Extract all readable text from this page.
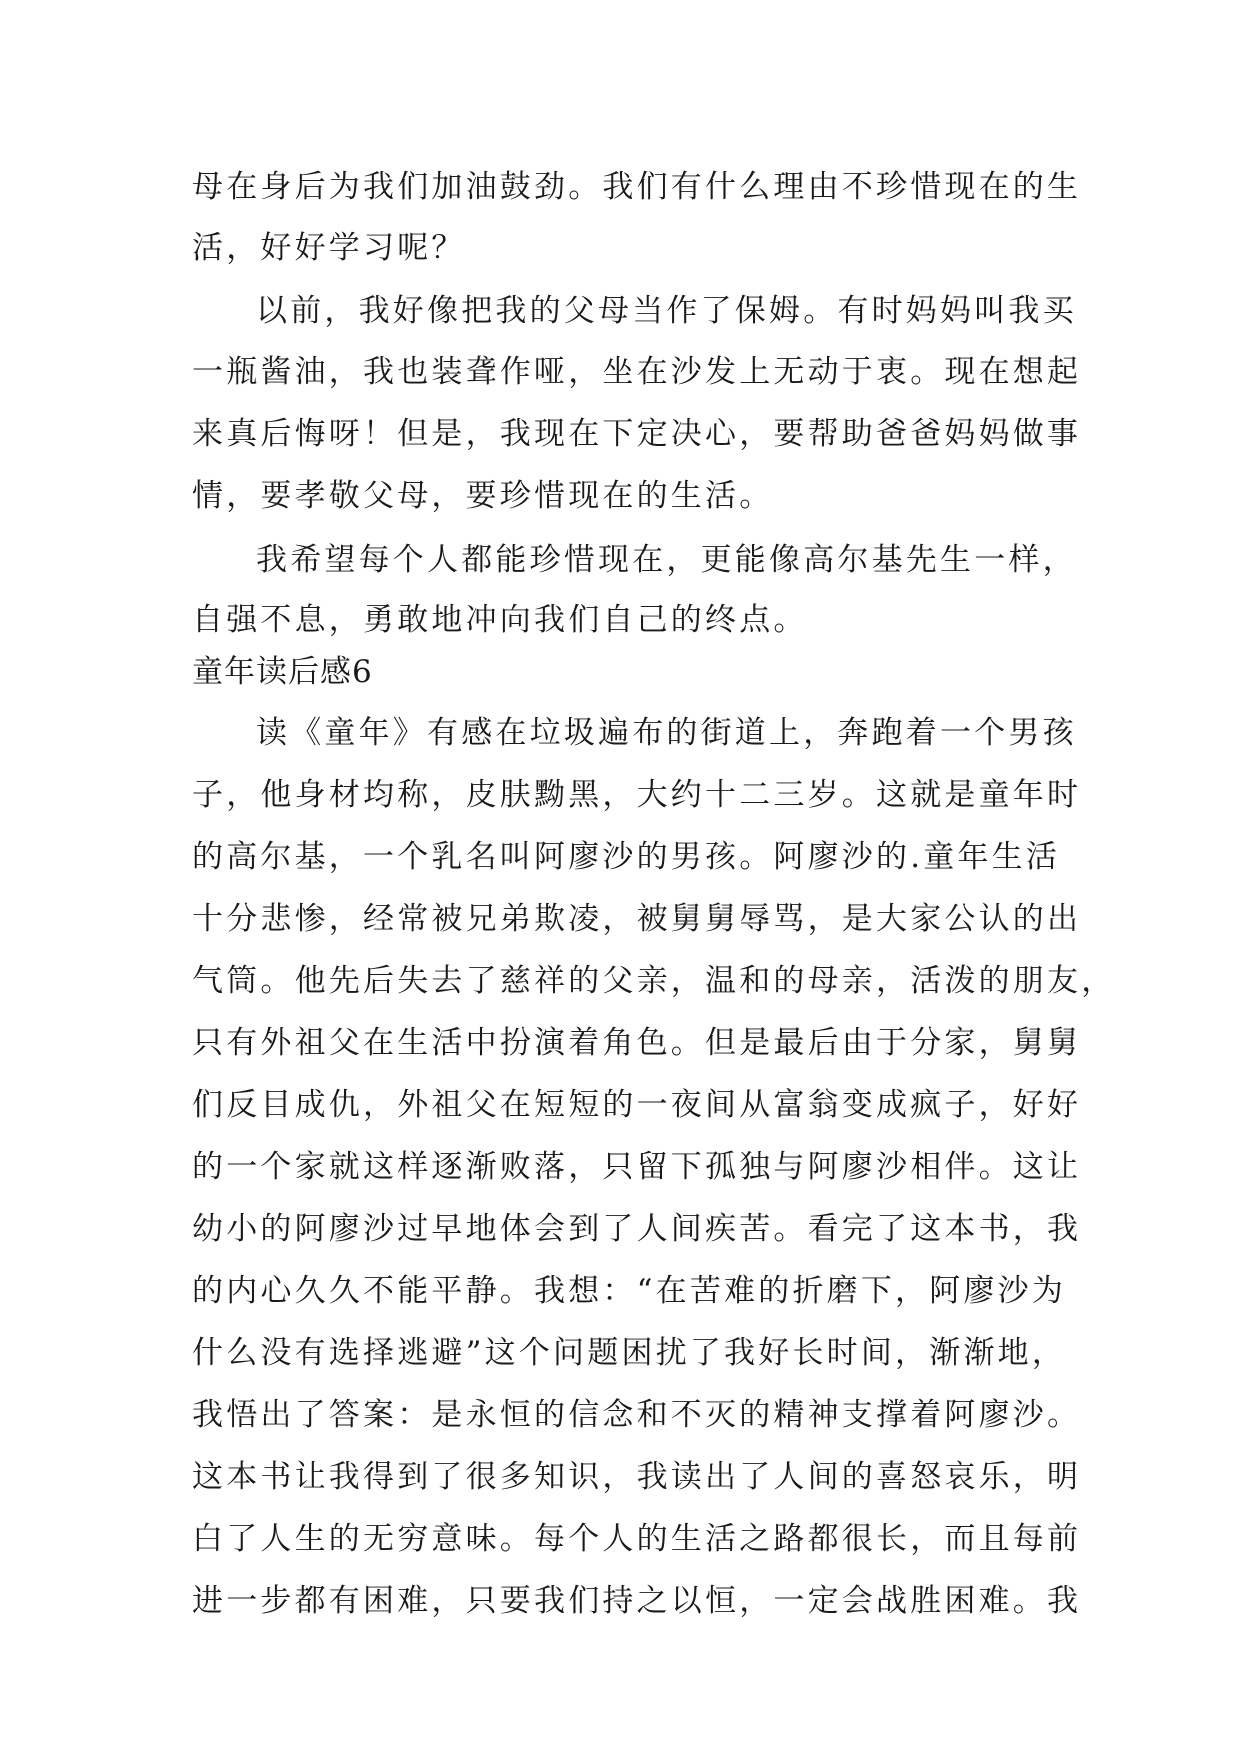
母在身后为我们加油鼓劲。我们有什么理由不珍惜现在的生
活，好好学习呢？
以前，我好像把我的父母当作了保姆。有时妈妈叫我买
一瓶酱油，我也装聋作哑，坐在沙发上无动于衷。现在想起
来真后悔呀！但是，我现在下定决心，要帮助爸爸妈妈做事
情，要孝敬父母，要珍惜现在的生活。
我希望每个人都能珍惜现在，更能像高尔基先生一样，
自强不息，勇敢地冲向我们自己的终点。
童年读后感6
读《童年》有感在垃圾遍布的街道上，奔跑着一个男孩
子，他身材均称，皮肤黝黑，大约十二三岁。这就是童年时
的高尔基，一个乳名叫阿廖沙的男孩。阿廖沙的.童年生活
十分悲惨，经常被兄弟欺凌，被舅舅辱骂，是大家公认的出
气筒。他先后失去了慈祥的父亲，温和的母亲，活泼的朋友，
只有外祖父在生活中扮演着角色。但是最后由于分家，舅舅
们反目成仇，外祖父在短短的一夜间从富翁变成疯子，好好
的一个家就这样逐渐败落，只留下孤独与阿廖沙相伴。这让
幼小的阿廖沙过早地体会到了人间疾苦。看完了这本书，我
的内心久久不能平静。我想：“在苦难的折磨下，阿廖沙为
什么没有选择逃避”这个问题困扰了我好长时间，渐渐地，
我悟出了答案：是永恒的信念和不灭的精神支撑着阿廖沙。
这本书让我得到了很多知识，我读出了人间的喜怒哀乐，明
白了人生的无穷意味。每个人的生活之路都很长，而且每前
进一步都有困难，只要我们持之以恒，一定会战胜困难。我
